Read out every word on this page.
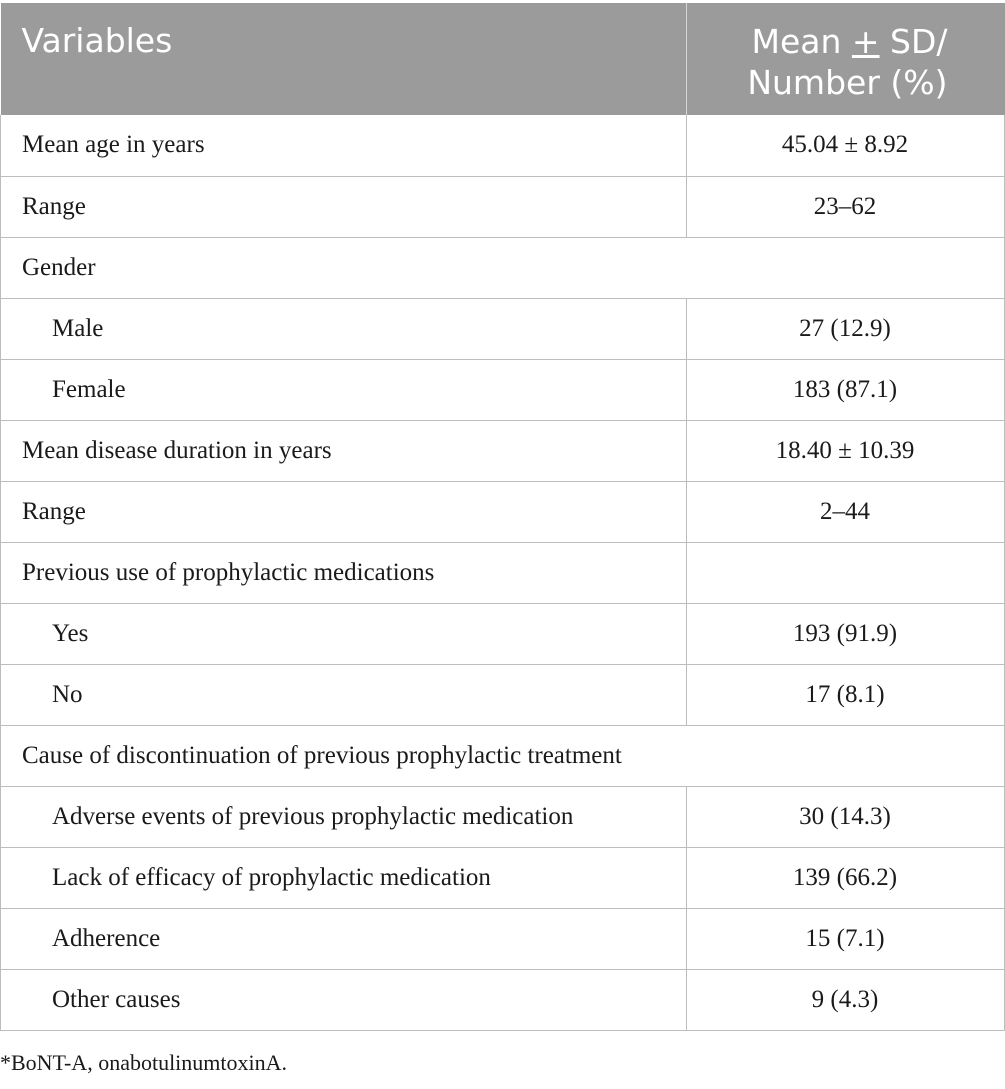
Variables	Mean + SD/
Number (%)
Mean age in years	45.04 ± 8.92
Range	23–62
Gender	
Male	27 (12.9)
Female	183 (87.1)
Mean disease duration in years	18.40 ± 10.39
Range	2–44
Previous use of prophylactic medications	
Yes	193 (91.9)
No	17 (8.1)
Cause of discontinuation of previous prophylactic treatment	
Adverse events of previous prophylactic medication	30 (14.3)
Lack of efficacy of prophylactic medication	139 (66.2)
Adherence	15 (7.1)
Other causes	9 (4.3)
*BoNT-A, onabotulinumtoxinA.
